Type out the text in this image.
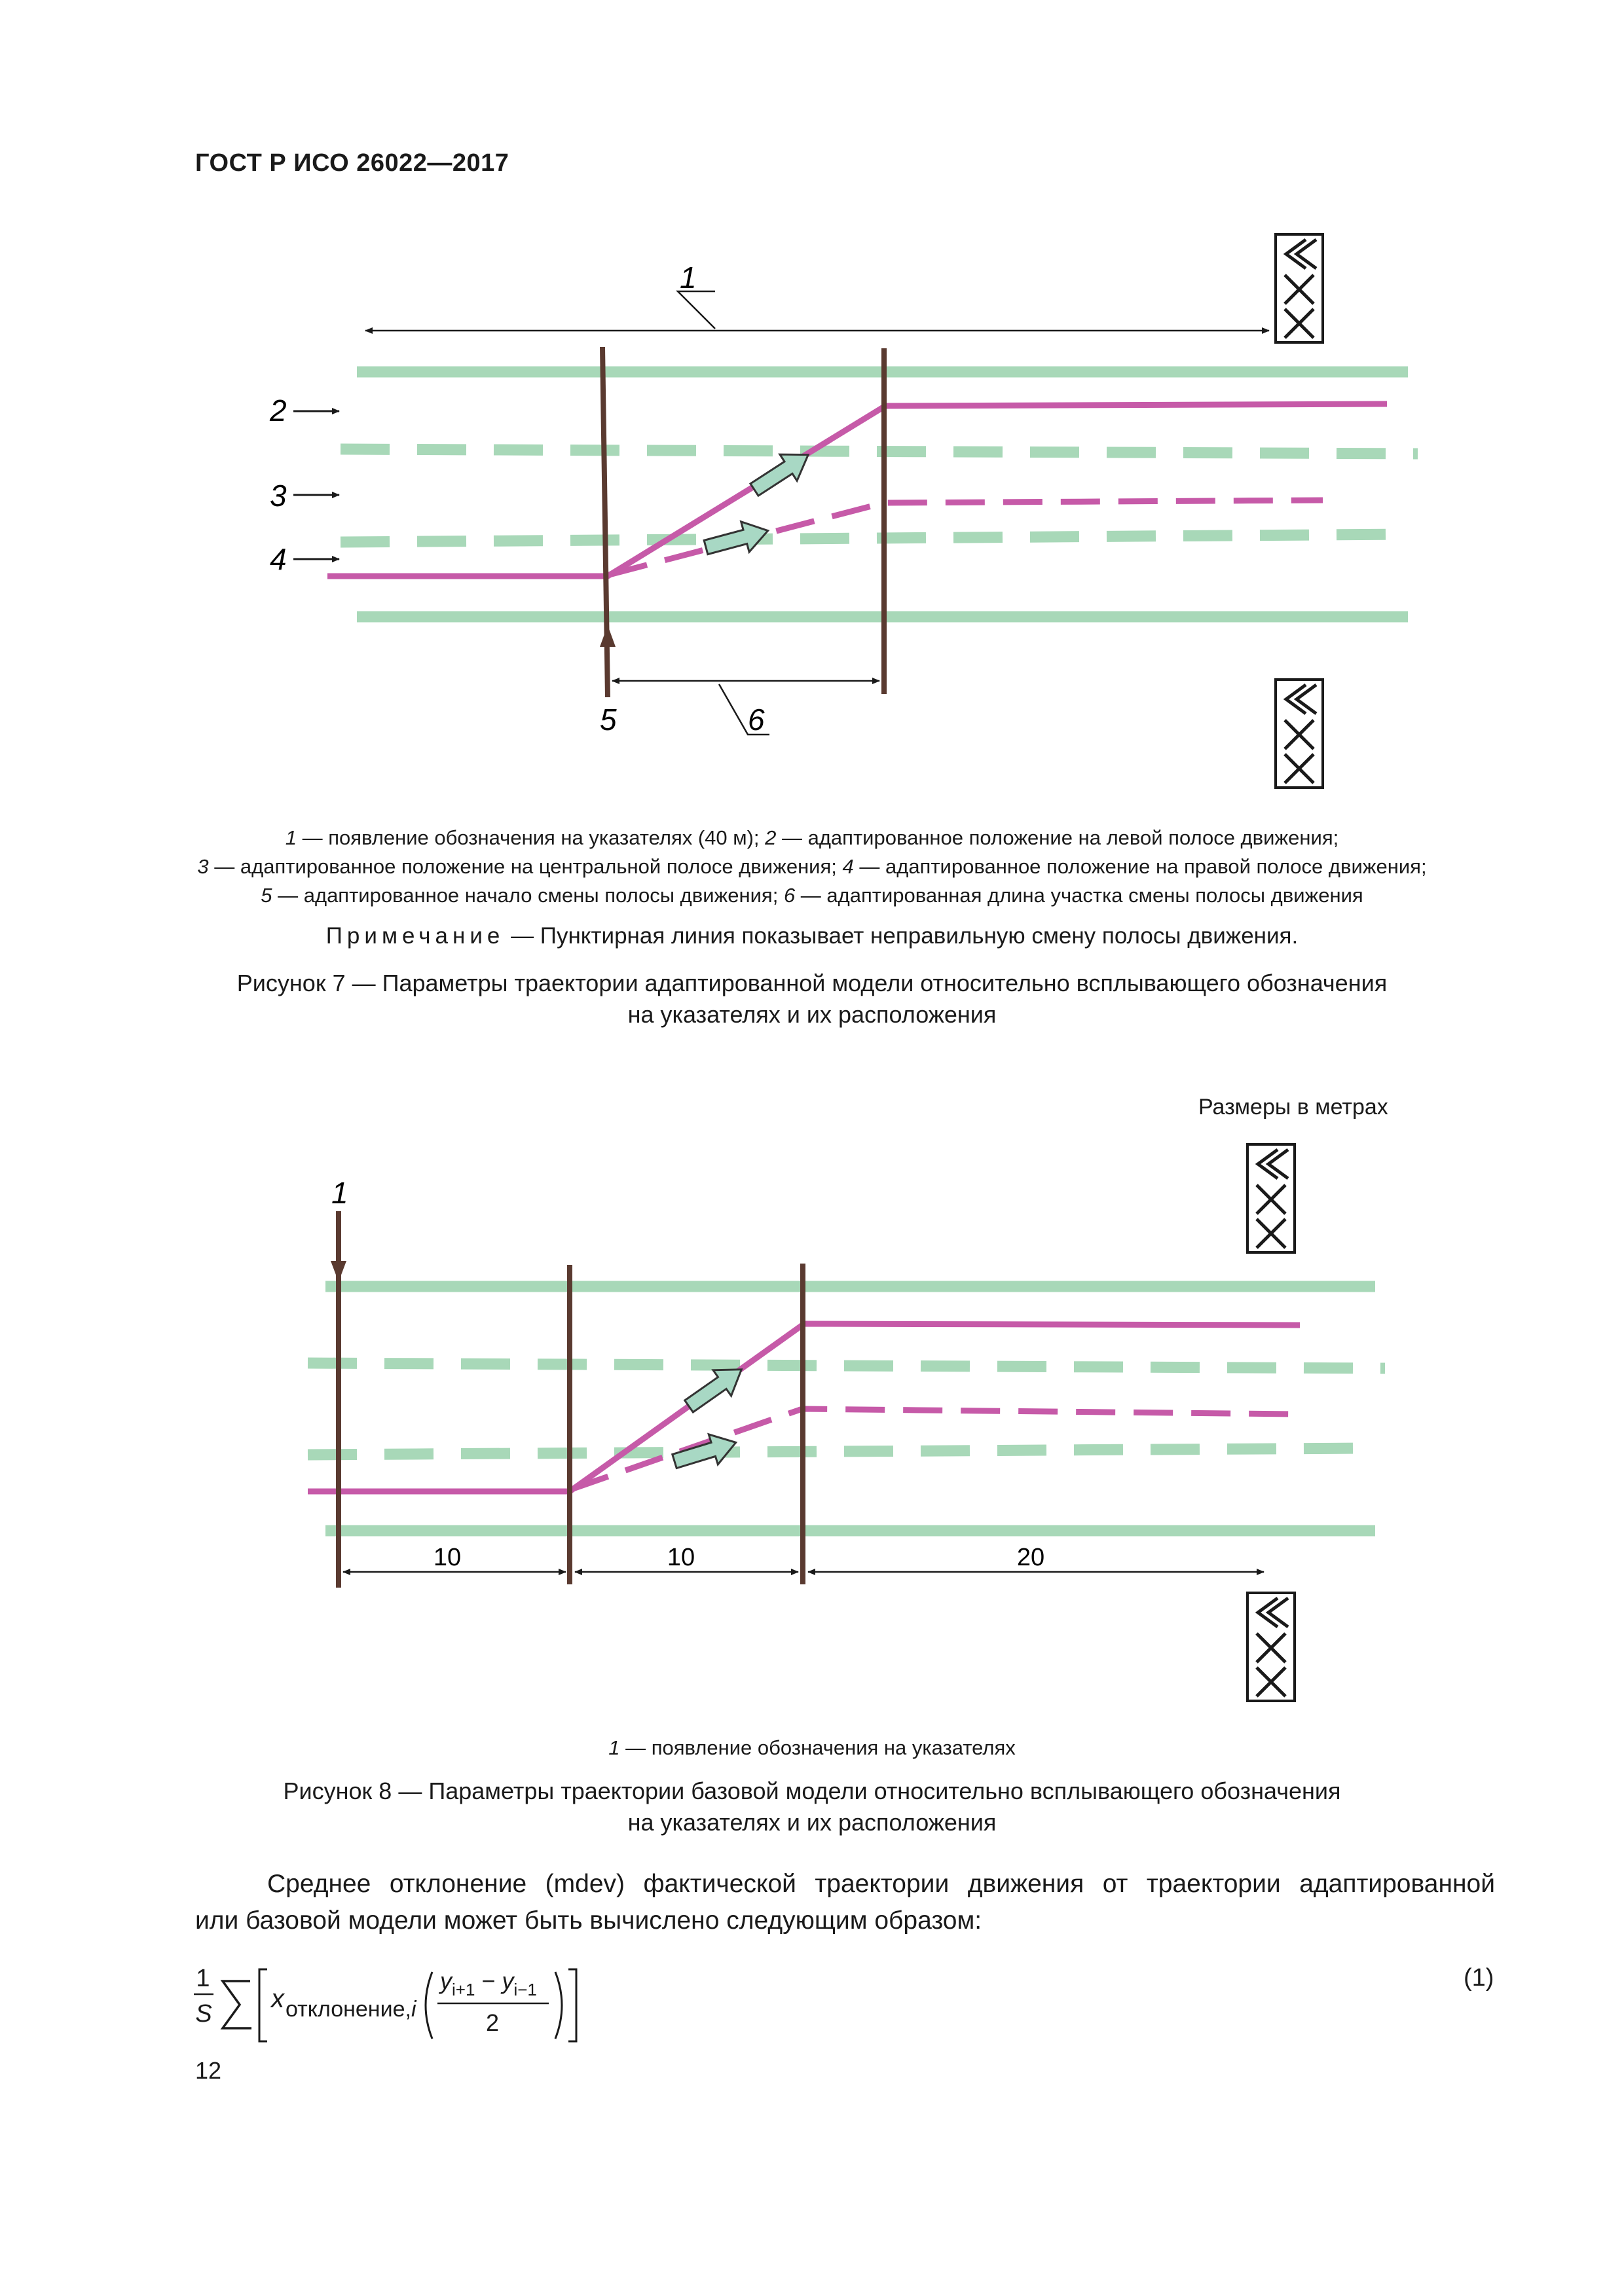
ГОСТ Р ИСО 26022—2017
1
2
3
4
5	6
1 — появление обозначения на указателях (40 м); 2 — адаптированное положение на левой полосе движения;
3 — адаптированное положение на центральной полосе движения; 4 — адаптированное положение на правой полосе движения;
5 — адаптированное начало смены полосы движения; 6 — адаптированная длина участка смены полосы движения
Примечание — Пунктирная линия показывает неправильную смену полосы движения.
Рисунок 7 — Параметры траектории адаптированной модели относительно всплывающего обозначения
на указателях и их расположения
Размеры в метрах
1
10	10	20
1 — появление обозначения на указателях
Рисунок 8 — Параметры траектории базовой модели относительно всплывающего обозначения
на указателях и их расположения
Среднее отклонение (mdev) фактической траектории движения от траектории адаптированной
или базовой модели может быть вычислено следующим образом:
1
S
x отклонение,i
$y_{i+1} - y_{i-1}$
2
(1)
12
